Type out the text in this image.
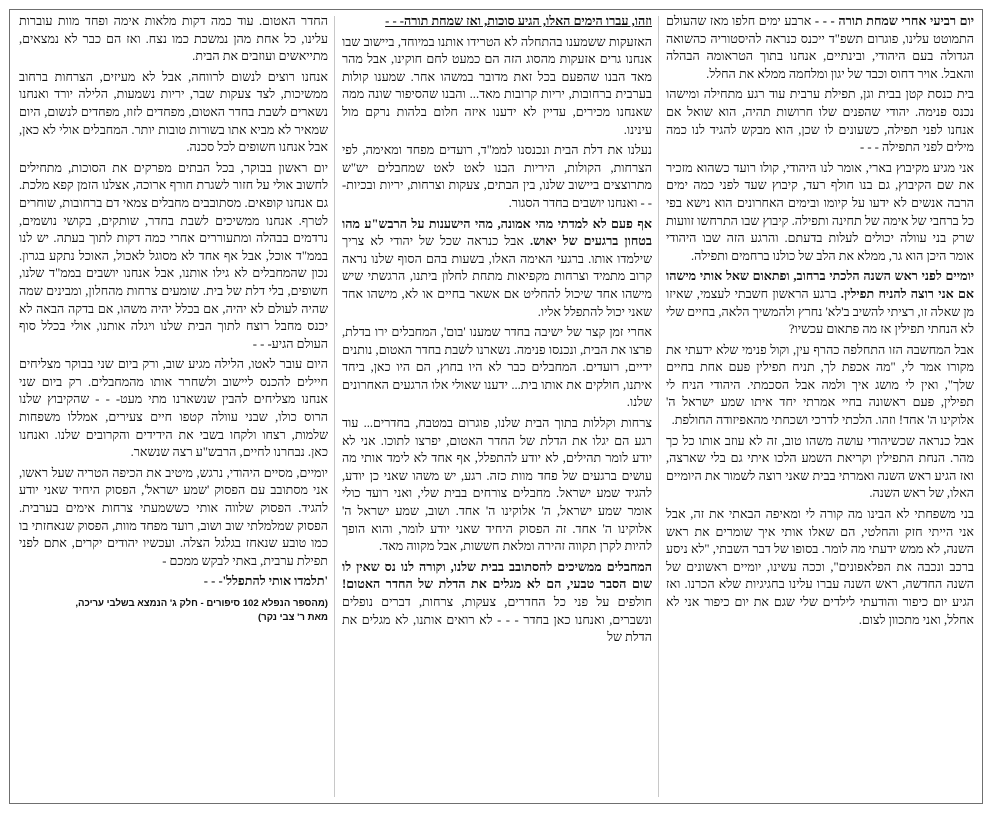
יום רביעי אחרי שמחת תורה - - - ארבע ימים חלפו מאז שהעולם התמוטט עלינו, פוגרום תשפ"ד ייכנס כנראה להיסטוריה כהשואה הגדולה בעם היהודי, ובינתיים, אנחנו בתוך הטראומה הבהלה והאבל. אויר דחוס וכבד של יגון ומלחמה ממלא את החלל.

בית כנסת קטן בבית וגן, תפילת ערבית עוד רגע מתחילה ומישהו נכנס פנימה. יהודי שהפנים שלו חרושות תהיה, הוא שואל אם אנחנו לפני תפילה, כשעונים לו שכן, הוא מבקש להגיד לנו כמה מילים לפני התפילה - - -

אני מגיע מקיבוץ בארי, אומר לנו היהודי, קולו רועד כשהוא מזכיר את שם הקיבוץ, גם בנו חולף רעד, קיבוץ שעד לפני כמה ימים הרבה אנשים לא ידעו על קיומו ובימים האחרונים הוא נישא בפי כל ברחבי של אימה של תחינה ותפילה. קיבוץ שבו התרחשו זוועות שרק בני עוולה יכולים לעלות בדעתם. והרגע הזה שבו היהודי אומר היכן הוא גר, ממלא את הלב של כולנו ברחמים ותפילה.

יומיים לפני ראש השנה הלכתי ברחוב, ופתאום שאל אותי מישהו אם אני רוצה להניח תפילין. ברגע הראשון חשבתי לעצמי, שאיזו מן שאלה זו, רציתי להשיב ב'לא' נחרץ ולהמשיך הלאה, בחיים שלי לא הנחתי תפילין אז מה פתאום עכשיו?

אבל המחשבה הזו התחלפה כהרף עין, וקול פנימי שלא ידעתי את מקורו אמר לי, "מה אכפת לך, תניח תפילין פעם אחת בחיים שלך", ואין לי מושג איך ולמה אבל הסכמתי. היהודי הניח לי תפילין, פעם ראשונה בחיי אמרתי יחד איתו שמע ישראל ה' אלוקינו ה' אחד! וזהו. הלכתי לדרכי ושכחתי מהאפיזודה החולפת.

אבל כנראה שכשיהודי עושה משהו טוב, זה לא עוזב אותו כל כך מהר. הנחת התפילין וקריאת השמע הלכו איתי גם בלי שארצה, ואז הגיע ראש השנה ואמרתי בבית שאני רוצה לשמור את היומיים האלו, של ראש השנה.

בני משפחתי לא הבינו מה קורה לי ומאיפה הבאתי את זה, אבל אני הייתי חזק והחלטי, הם שאלו אותי איך שומרים את ראש השנה, לא ממש ידעתי מה לומר. בסופו של דבר השבתי, "לא ניסע ברכב ונכבה את הפלאפונים", וככה עשינו, יומיים ראשונים של השנה החדשה, ראש השנה עברו עלינו בחגיגיות שלא הכרנו. ואז הגיע יום כיפור והודעתי לילדים שלי שגם את יום כיפור אני לא אחלל, ואני מתכוון לצום.

וזהו, עברו הימים האלו, הגיע סוכות, ואז שמחת תורה- - -

האזעקות ששמענו בהתחלה לא הטרידו אותנו במיוחד, ביישוב שבו אנחנו גרים אזעקות מהסוג הזה הם כמעט לחם חוקינו, אבל מהר מאד הבנו שהפעם בכל זאת מדובר במשהו אחר. שמענו קולות בערבית ברחובות, יריות קרובות מאד... והבנו שהסיפור שונה ממה שאנחנו מכירים, עדיין לא ידענו איזה חלום בלהות נרקם מול עינינו.

נעלנו את דלת הבית ונכנסנו לממ"ד, רועדים מפחד ומאימה, לפי הצרחות, הקולות, היריות הבנו לאט לאט שמחבלים יש"ש מתרוצצים ביישוב שלנו, בין הבתים, צעקות וצרחות, יריות ובכיות- - - ואנחנו יושבים בחדר הסגור.

אף פעם לא למדתי מהי אמונה, מהי הישענות על הרבש"ע מהו בטחון ברגעים של יאוש. אבל כנראה שכל של יהודי לא צריך שילמדו אותו. ברגעי האימה האלו, בשעות בהם הסוף שלנו נראה קרוב מתמיד וצרחות מקפיאות מתחת לחלון ביתנו, הרגשתי שיש מישהו אחד שיכול להחליט אם אשאר בחיים או לא, מישהו אחד שאני יכול להתפלל אליו.

אחרי זמן קצר של ישיבה בחדר שמענו 'בום', המחבלים ירו בדלת, פרצו את הבית, ונכנסו פנימה. נשארנו לשבת בחדר האטום, נותנים ידיים, רועדים. המחבלים כבר לא היו בחוץ, הם היו כאן, ביחד איתנו, חולקים את אותו בית... ידענו שאולי אלו הרגעים האחרונים שלנו.

צרחות וקללות בתוך הבית שלנו, פוגרום במטבח, בחדרים... עוד רגע הם יגלו את הדלת של החדר האטום, יפרצו לתוכו. אני לא יודע לומר תהילים, לא יודע להתפלל, אף אחד לא לימד אותי מה עושים ברגעים של פחד מוות כזה. רגע, יש משהו שאני כן יודע, להגיד שמע ישראל. מחבלים צורחים בבית שלי, ואני רועד כולי אומר שמע ישראל, ה' אלוקינו ה' אחד. ושוב, שמע ישראל ה' אלוקינו ה' אחד. זה הפסוק היחיד שאני יודע לומר, והוא הופך להיות לקרן תקווה זהירה ומלאת חששות, אבל מקווה מאד.

המחבלים ממשיכים להסתובב בבית שלנו, וקורה לנו נס שאין לו שום הסבר טבעי, הם לא מגלים את הדלת של החדר האטום! חולפים על פני כל החדרים, צעקות, צרחות, דברים נופלים ונשברים, ואנחנו כאן בחדר - - - לא רואים אותנו, לא מגלים את הדלת של

החדר האטום. עוד כמה דקות מלאות אימה ופחד מוות עוברות עלינו, כל אחת מהן נמשכת כמו נצח. ואז הם כבר לא נמצאים, מתייאשים ועוזבים את הבית.

אנחנו רוצים לנשום לרווחה, אבל לא מעיזים, הצרחות ברחוב ממשיכות, לצד צעקות שבר, יריות נשמעות, הלילה יורד ואנחנו נשארים לשבת בחדר האטום, מפחדים לזוז, מפחדים לנשום, היום שמאיר לא מביא אתו בשורות טובות יותר. המחבלים אולי לא כאן, אבל אנחנו חשופים לכל סכנה.

יום ראשון בבוקר, בכל הבתים מפרקים את הסוכות, מתחילים לחשוב אולי על חזור לשגרת חורף ארוכה, אצלנו הזמן קפא מלכת. גם אנחנו קופאים. מסתובבים מחבלים צמאי דם ברחובות, שוחרים לטרף. אנחנו ממשיכים לשבת בחדר, שותקים, בקושי נושמים, נרדמים בבהלה ומתעוררים אחרי כמה דקות לתוך בעתה. יש לנו בממ"ד אוכל, אבל אף אחד לא מסוגל לאכול, האוכל נתקע בגרון. נכון שהמחבלים לא גילו אותנו, אבל אנחנו יושבים בממ"ד שלנו, חשופים, בלי דלת של בית. שומעים צרחות מהחלון, ומבינים שמה שהיה לעולם לא יהיה, אם בכלל יהיה משהו, אם בדקה הבאה לא יכנס מחבל רוצח לתוך הבית שלנו ויגלה אותנו, אולי בכלל סוף העולם הגיע- - -

היום עובר לאטו, הלילה מגיע שוב, ורק ביום שני בבוקר מצליחים חיילים להכנס ליישוב ולשחרר אותו מהמחבלים. רק ביום שני אנחנו מצליחים להבין שנשארנו מתי מעט- - - שהקיבוץ שלנו הרוס כולו, שבני עוולה קטפו חיים צעירים, אמללו משפחות שלמות, רצחו ולקחו בשבי את הידידים והקרובים שלנו. ואנחנו כאן. נבחרנו לחיים, הרבש"ע רצה שנשאר.

יומיים, מסיים היהודי, נרגש, מיטיב את הכיפה הטריה שעל ראשו, אני מסתובב עם הפסוק 'שמע ישראל', הפסוק היחיד שאני יודע להגיד. הפסוק שלווה אותי כששמעתי צרחות אימים בערבית. הפסוק שמלמלתי שוב ושוב, רועד מפחד מוות, הפסוק שנאחזתי בו כמו טובע שנאחז בגלגל הצלה. ועכשיו יהודים יקרים, אתם לפני תפילת ערבית, באתי לבקש ממכם -

'תלמדו אותי להתפלל'- - -

(מהספר הנפלא 102 סיפורים - חלק ג' הנמצא בשלבי עריכה,
מאת ר' צבי נקר)
